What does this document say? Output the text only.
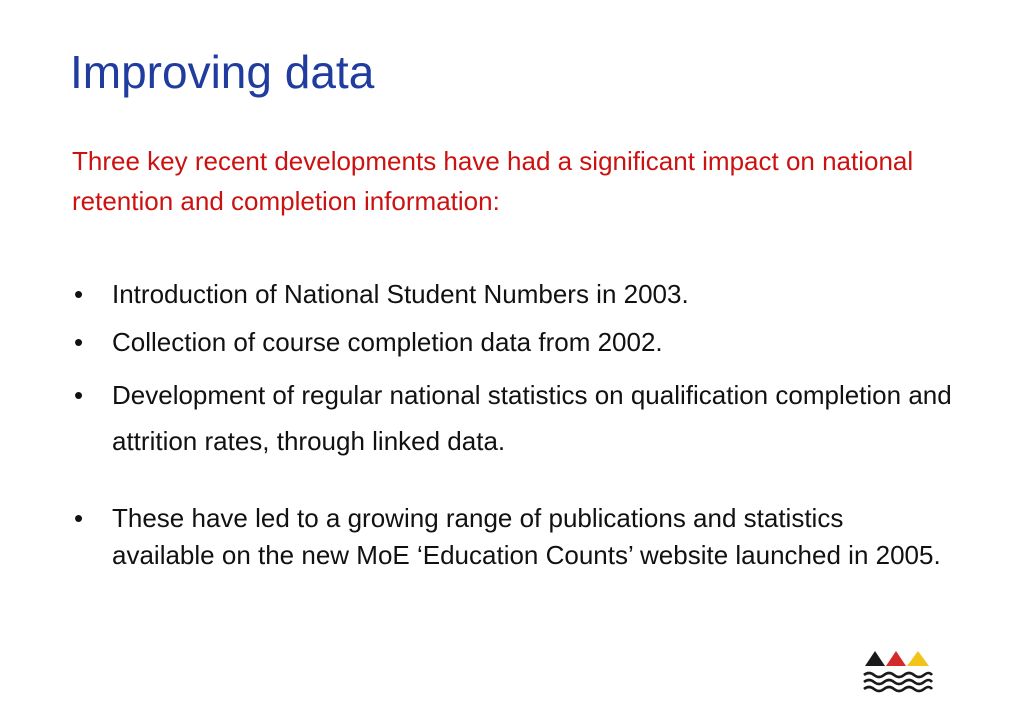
Improving data
Three key recent developments have had a significant impact on national retention and completion information:
• Introduction of National Student Numbers in 2003.
• Collection of course completion data from 2002.
• Development of regular national statistics on qualification completion and attrition rates, through linked data.
• These have led to a growing range of publications and statistics available on the new MoE ‘Education Counts’ website launched in 2005.
